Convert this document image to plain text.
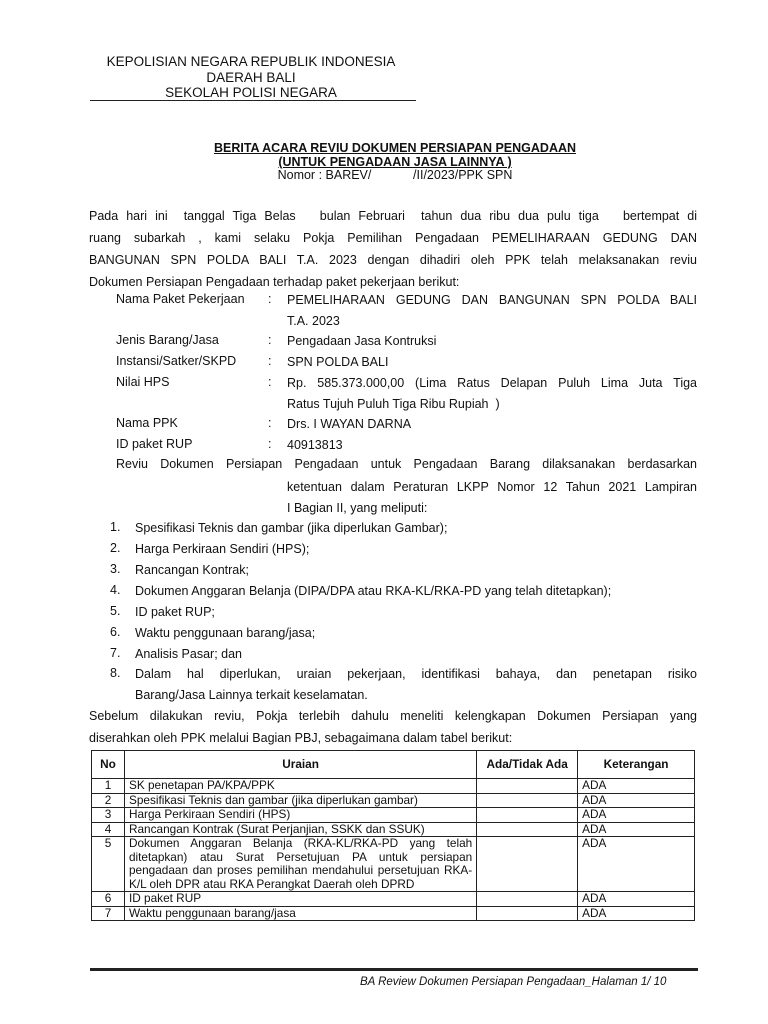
KEPOLISIAN NEGARA REPUBLIK INDONESIA
DAERAH BALI
SEKOLAH POLISI NEGARA
BERITA ACARA REVIU DOKUMEN PERSIAPAN PENGADAAN
(UNTUK PENGADAAN JASA LAINNYA )
Nomor : BAREV/            /II/2023/PPK SPN
Pada hari ini  tanggal Tiga Belas   bulan Februari  tahun dua ribu dua pulu tiga   bertempat di
ruang subarkah , kami selaku Pokja Pemilihan Pengadaan PEMELIHARAAN GEDUNG DAN
BANGUNAN SPN POLDA BALI T.A. 2023 dengan dihadiri oleh PPK telah melaksanakan reviu
Dokumen Persiapan Pengadaan terhadap paket pekerjaan berikut:
Nama Paket Pekerjaan : PEMELIHARAAN GEDUNG DAN BANGUNAN SPN POLDA BALI
T.A. 2023
Jenis Barang/Jasa	: Pengadaan Jasa Kontruksi
Instansi/Satker/SKPD	: SPN POLDA BALI
Nilai HPS	: Rp. 585.373.000,00 (Lima Ratus Delapan Puluh Lima Juta Tiga
Ratus Tujuh Puluh Tiga Ribu Rupiah  )
Nama PPK	: Drs. I WAYAN DARNA
ID paket RUP	: 40913813
Reviu Dokumen Persiapan Pengadaan untuk Pengadaan Barang dilaksanakan berdasarkan
ketentuan dalam Peraturan LKPP Nomor 12 Tahun 2021 Lampiran
I Bagian II, yang meliputi:
1.	Spesifikasi Teknis dan gambar (jika diperlukan Gambar);
2.	Harga Perkiraan Sendiri (HPS);
3.	Rancangan Kontrak;
4.	Dokumen Anggaran Belanja (DIPA/DPA atau RKA-KL/RKA-PD yang telah ditetapkan);
5.	ID paket RUP;
6.	Waktu penggunaan barang/jasa;
7.	Analisis Pasar; dan
8.	Dalam hal diperlukan, uraian pekerjaan, identifikasi bahaya, dan penetapan risiko
Barang/Jasa Lainnya terkait keselamatan.
Sebelum dilakukan reviu, Pokja terlebih dahulu meneliti kelengkapan Dokumen Persiapan yang
diserahkan oleh PPK melalui Bagian PBJ, sebagaimana dalam tabel berikut:
No	Uraian	Ada/Tidak Ada	Keterangan
1	SK penetapan PA/KPA/PPK		ADA
2	Spesifikasi Teknis dan gambar (jika diperlukan gambar)		ADA
3	Harga Perkiraan Sendiri (HPS)		ADA
4	Rancangan Kontrak (Surat Perjanjian, SSKK dan SSUK)		ADA
5	Dokumen Anggaran Belanja (RKA-KL/RKA-PD yang telah ditetapkan) atau Surat Persetujuan PA untuk persiapan pengadaan dan proses pemilihan mendahului persetujuan RKA-K/L oleh DPR atau RKA Perangkat Daerah oleh DPRD		ADA
6	ID paket RUP		ADA
7	Waktu penggunaan barang/jasa		ADA
BA Review Dokumen Persiapan Pengadaan_Halaman 1/ 10
